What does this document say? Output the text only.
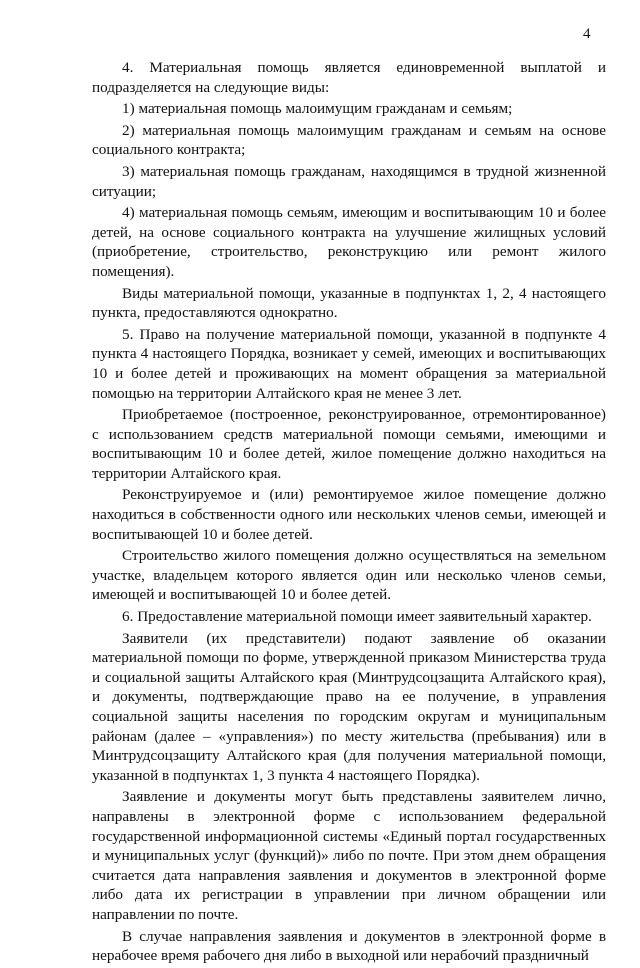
4

4. Материальная помощь является единовременной выплатой и подразделяется на следующие виды:

1) материальная помощь малоимущим гражданам и семьям;

2) материальная помощь малоимущим гражданам и семьям на основе социального контракта;

3) материальная помощь гражданам, находящимся в трудной жизненной ситуации;

4) материальная помощь семьям, имеющим и воспитывающим 10 и более детей, на основе социального контракта на улучшение жилищных условий (приобретение, строительство, реконструкцию или ремонт жилого помещения).

Виды материальной помощи, указанные в подпунктах 1, 2, 4 настоящего пункта, предоставляются однократно.

5. Право на получение материальной помощи, указанной в подпункте 4 пункта 4 настоящего Порядка, возникает у семей, имеющих и воспитывающих 10 и более детей и проживающих на момент обращения за материальной помощью на территории Алтайского края не менее 3 лет.

Приобретаемое (построенное, реконструированное, отремонтированное) с использованием средств материальной помощи семьями, имеющими и воспитывающим 10 и более детей, жилое помещение должно находиться на территории Алтайского края.

Реконструируемое и (или) ремонтируемое жилое помещение должно находиться в собственности одного или нескольких членов семьи, имеющей и воспитывающей 10 и более детей.

Строительство жилого помещения должно осуществляться на земельном участке, владельцем которого является один или несколько членов семьи, имеющей и воспитывающей 10 и более детей.

6. Предоставление материальной помощи имеет заявительный характер.

Заявители (их представители) подают заявление об оказании материальной помощи по форме, утвержденной приказом Министерства труда и социальной защиты Алтайского края (Минтрудсоцзащита Алтайского края), и документы, подтверждающие право на ее получение, в управления социальной защиты населения по городским округам и муниципальным районам (далее – «управления») по месту жительства (пребывания) или в Минтрудсоцзащиту Алтайского края (для получения материальной помощи, указанной в подпунктах 1, 3 пункта 4 настоящего Порядка).

Заявление и документы могут быть представлены заявителем лично, направлены в электронной форме с использованием федеральной государственной информационной системы «Единый портал государственных и муниципальных услуг (функций)» либо по почте. При этом днем обращения считается дата направления заявления и документов в электронной форме либо дата их регистрации в управлении при личном обращении или направлении по почте.

В случае направления заявления и документов в электронной форме в нерабочее время рабочего дня либо в выходной или нерабочий праздничный
